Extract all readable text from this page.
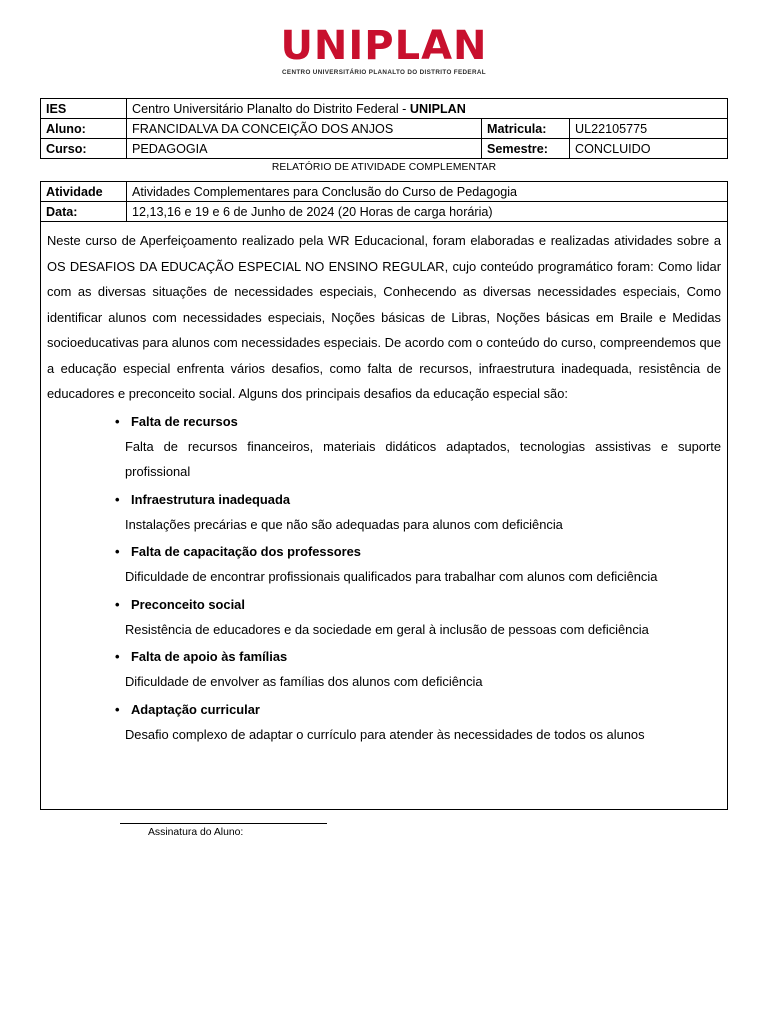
UNIPLAN
CENTRO UNIVERSITÁRIO PLANALTO DO DISTRITO FEDERAL
IES	Centro Universitário Planalto do Distrito Federal - UNIPLAN		
Aluno:	FRANCIDALVA DA CONCEIÇÃO DOS ANJOS	Matricula:	UL22105775
Curso:	PEDAGOGIA	Semestre:	CONCLUIDO
RELATÓRIO DE ATIVIDADE COMPLEMENTAR
Atividade	Atividades Complementares para Conclusão do Curso de Pedagogia
Data:	12,13,16 e 19 e 6 de Junho de 2024 (20 Horas de carga horária)

Neste curso de Aperfeiçoamento realizado pela WR Educacional, foram elaboradas e realizadas atividades sobre a OS DESAFIOS DA EDUCAÇÃO ESPECIAL NO ENSINO REGULAR, cujo conteúdo programático foram: Como lidar com as diversas situações de necessidades especiais, Conhecendo as diversas necessidades especiais, Como identificar alunos com necessidades especiais, Noções básicas de Libras, Noções básicas em Braile e Medidas socioeducativas para alunos com necessidades especiais. De acordo com o conteúdo do curso, compreendemos que a educação especial enfrenta vários desafios, como falta de recursos, infraestrutura inadequada, resistência de educadores e preconceito social. Alguns dos principais desafios da educação especial são:

• Falta de recursos
Falta de recursos financeiros, materiais didáticos adaptados, tecnologias assistivas e suporte profissional
• Infraestrutura inadequada
Instalações precárias e que não são adequadas para alunos com deficiência
• Falta de capacitação dos professores
Dificuldade de encontrar profissionais qualificados para trabalhar com alunos com deficiência
• Preconceito social
Resistência de educadores e da sociedade em geral à inclusão de pessoas com deficiência
• Falta de apoio às famílias
Dificuldade de envolver as famílias dos alunos com deficiência
• Adaptação curricular
Desafio complexo de adaptar o currículo para atender às necessidades de todos os alunos
Assinatura do Aluno:
